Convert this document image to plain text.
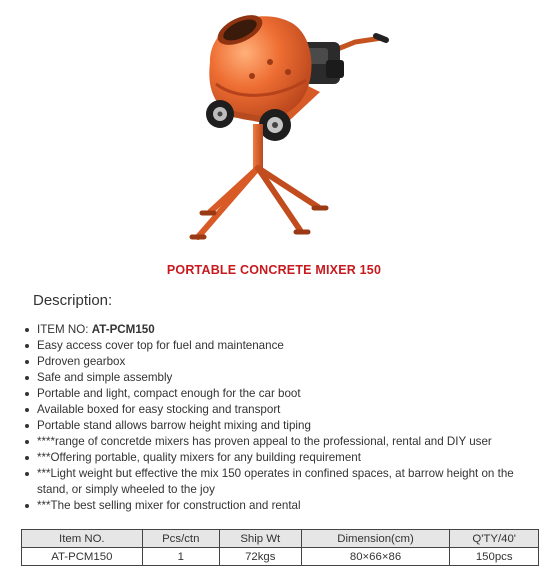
PORTABLE CONCRETE MIXER 150
Description:
ITEM NO: AT-PCM150
Easy access cover top for fuel and maintenance
Pdroven gearbox
Safe and simple assembly
Portable and light, compact enough for the car boot
Available boxed for easy stocking and transport
Portable stand allows barrow height mixing and tiping
****range of concretde mixers has proven appeal to the professional, rental and DIY user
***Offering portable, quality mixers for any building requirement
***Light weight but effective the mix 150 operates in confined spaces, at barrow height on the stand, or simply wheeled to the joy
***The best selling mixer for construction and rental
Item NO.	Pcs/ctn	Ship Wt	Dimension(cm)	Q'TY/40'
AT-PCM150	1	72kgs	80×66×86	150pcs
